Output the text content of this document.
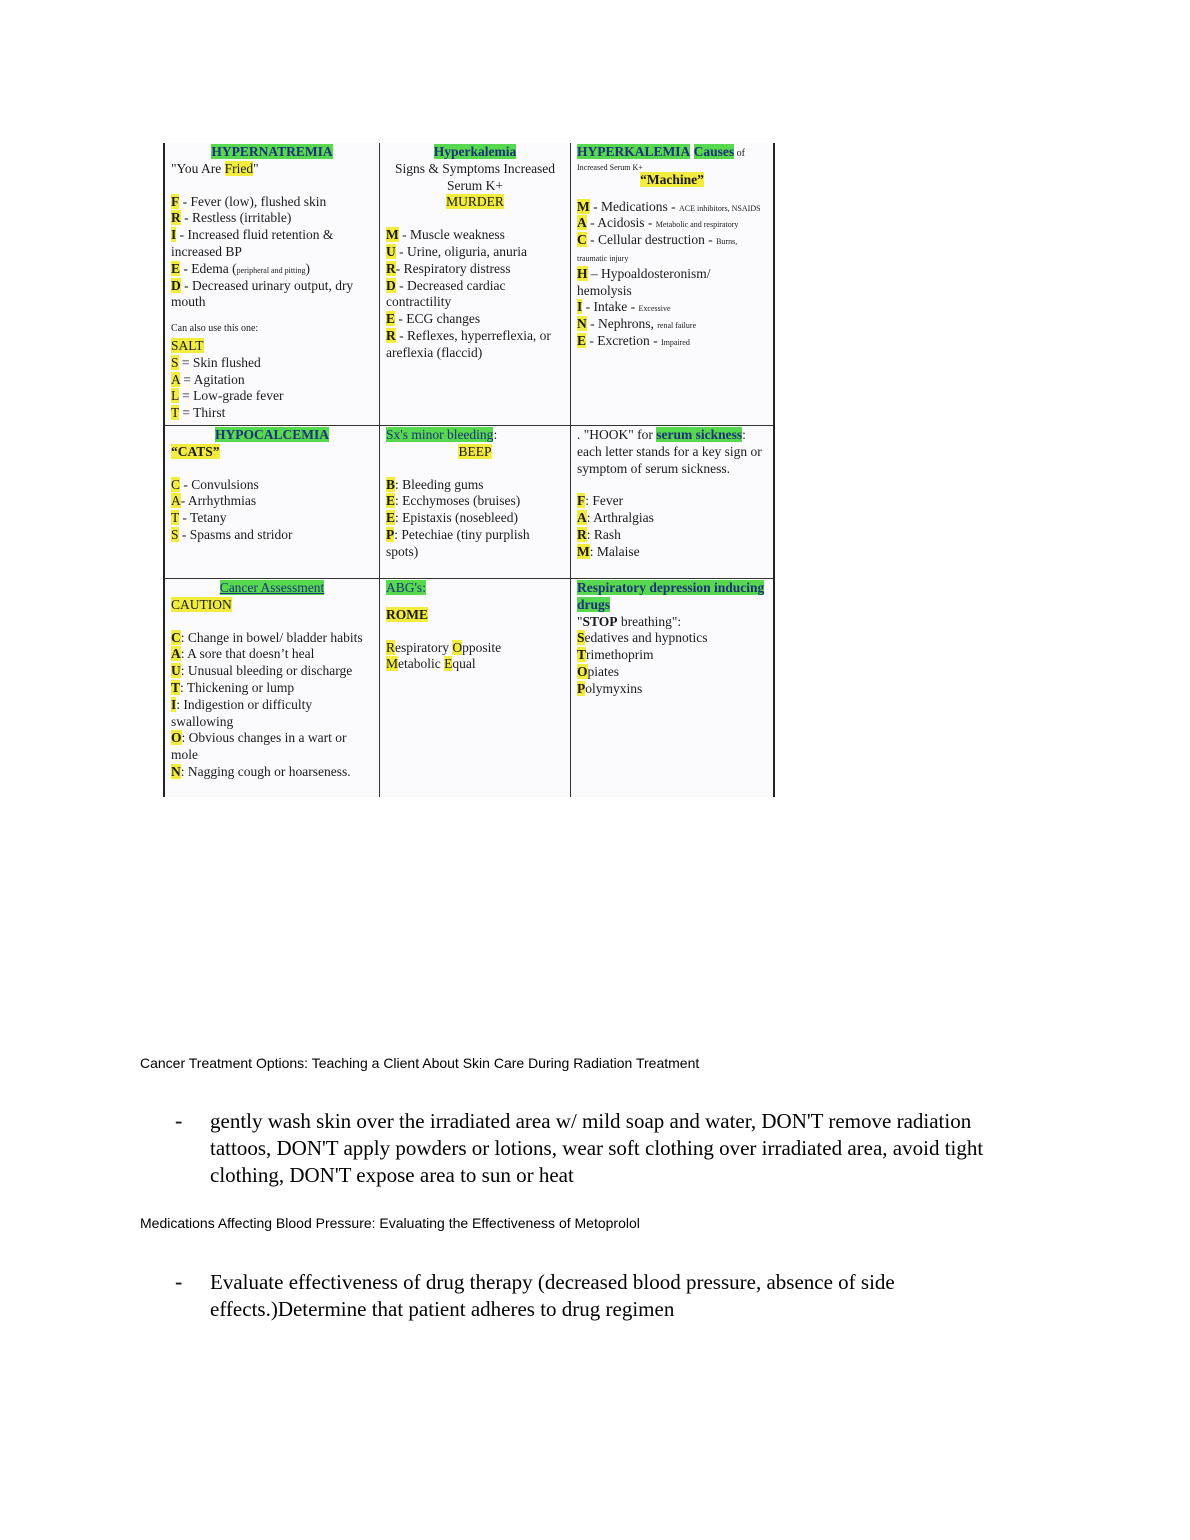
HYPERNATREMIA
"You Are Fried"
F - Fever (low), flushed skin
R - Restless (irritable)
I - Increased fluid retention & increased BP
E - Edema (peripheral and pitting)
D - Decreased urinary output, dry mouth
Can also use this one:
SALT
S = Skin flushed
A = Agitation
L = Low-grade fever
T = Thirst
Hyperkalemia
Signs & Symptoms Increased Serum K+
MURDER
M - Muscle weakness
U - Urine, oliguria, anuria
R- Respiratory distress
D - Decreased cardiac contractility
E - ECG changes
R - Reflexes, hyperreflexia, or areflexia (flaccid)
HYPERKALEMIA Causes of
Increased Serum K+
“Machine”
M - Medications - ACE inhibitors, NSAIDS
A - Acidosis - Metabolic and respiratory
C - Cellular destruction - Burns, traumatic injury
H – Hypoaldosteronism/ hemolysis
I - Intake - Excessive
N - Nephrons, renal failure
E - Excretion - Impaired
HYPOCALCEMIA
“CATS”
C - Convulsions
A- Arrhythmias
T - Tetany
S - Spasms and stridor
Sx's minor bleeding:
BEEP
B: Bleeding gums
E: Ecchymoses (bruises)
E: Epistaxis (nosebleed)
P: Petechiae (tiny purplish spots)
. "HOOK" for serum sickness: each letter stands for a key sign or symptom of serum sickness.
F: Fever
A: Arthralgias
R: Rash
M: Malaise
Cancer Assessment
CAUTION
C: Change in bowel/ bladder habits
A: A sore that doesn’t heal
U: Unusual bleeding or discharge
T: Thickening or lump
I: Indigestion or difficulty swallowing
O: Obvious changes in a wart or mole
N: Nagging cough or hoarseness.
ABG's:
ROME
Respiratory Opposite
Metabolic Equal
Respiratory depression inducing drugs
"STOP breathing":
Sedatives and hypnotics
Trimethoprim
Opiates
Polymyxins
Cancer Treatment Options: Teaching a Client About Skin Care During Radiation Treatment
- gently wash skin over the irradiated area w/ mild soap and water, DON'T remove radiation tattoos, DON'T apply powders or lotions, wear soft clothing over irradiated area, avoid tight clothing, DON'T expose area to sun or heat
Medications Affecting Blood Pressure: Evaluating the Effectiveness of Metoprolol
- Evaluate effectiveness of drug therapy (decreased blood pressure, absence of side effects.)Determine that patient adheres to drug regimen
